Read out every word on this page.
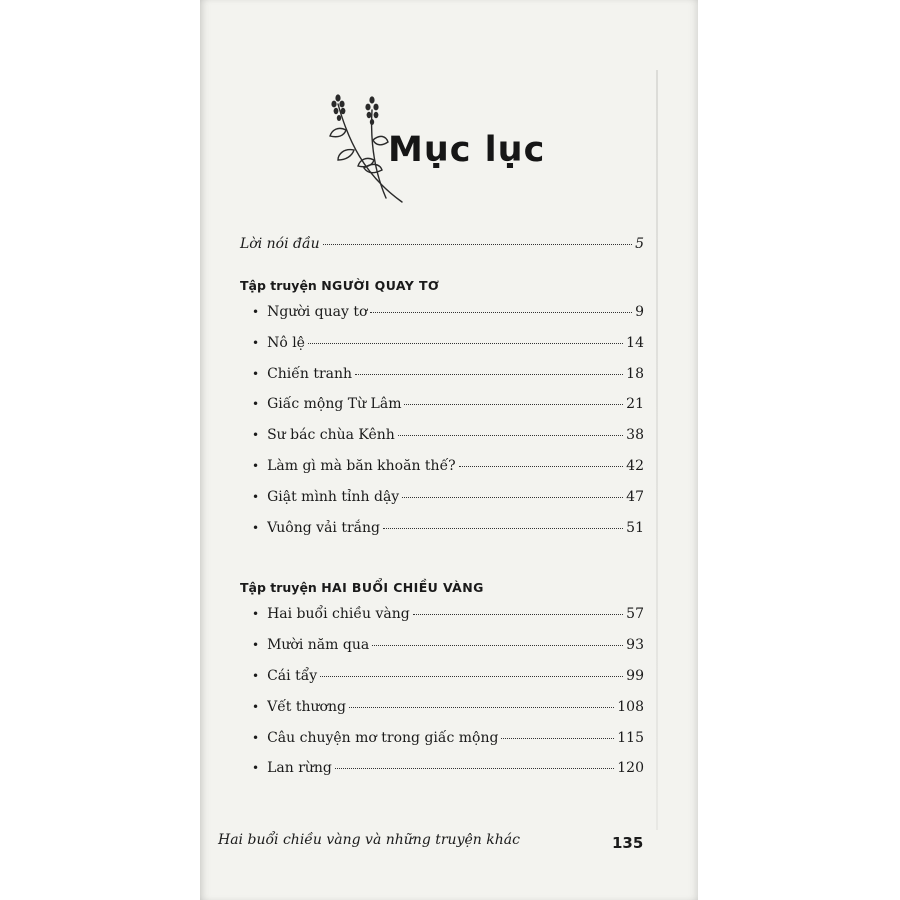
Mục lục
Lời nói đầu	5
Tập truyện NGƯỜI QUAY TƠ
• Người quay tơ	9
• Nô lệ	14
• Chiến tranh	18
• Giấc mộng Từ Lâm	21
• Sư bác chùa Kênh	38
• Làm gì mà băn khoăn thế?	42
• Giật mình tỉnh dậy	47
• Vuông vải trắng	51
Tập truyện HAI BUỔI CHIỀU VÀNG
• Hai buổi chiều vàng	57
• Mười năm qua	93
• Cái tẩy	99
• Vết thương	108
• Câu chuyện mơ trong giấc mộng	115
• Lan rừng	120
Hai buổi chiều vàng và những truyện khác	135
